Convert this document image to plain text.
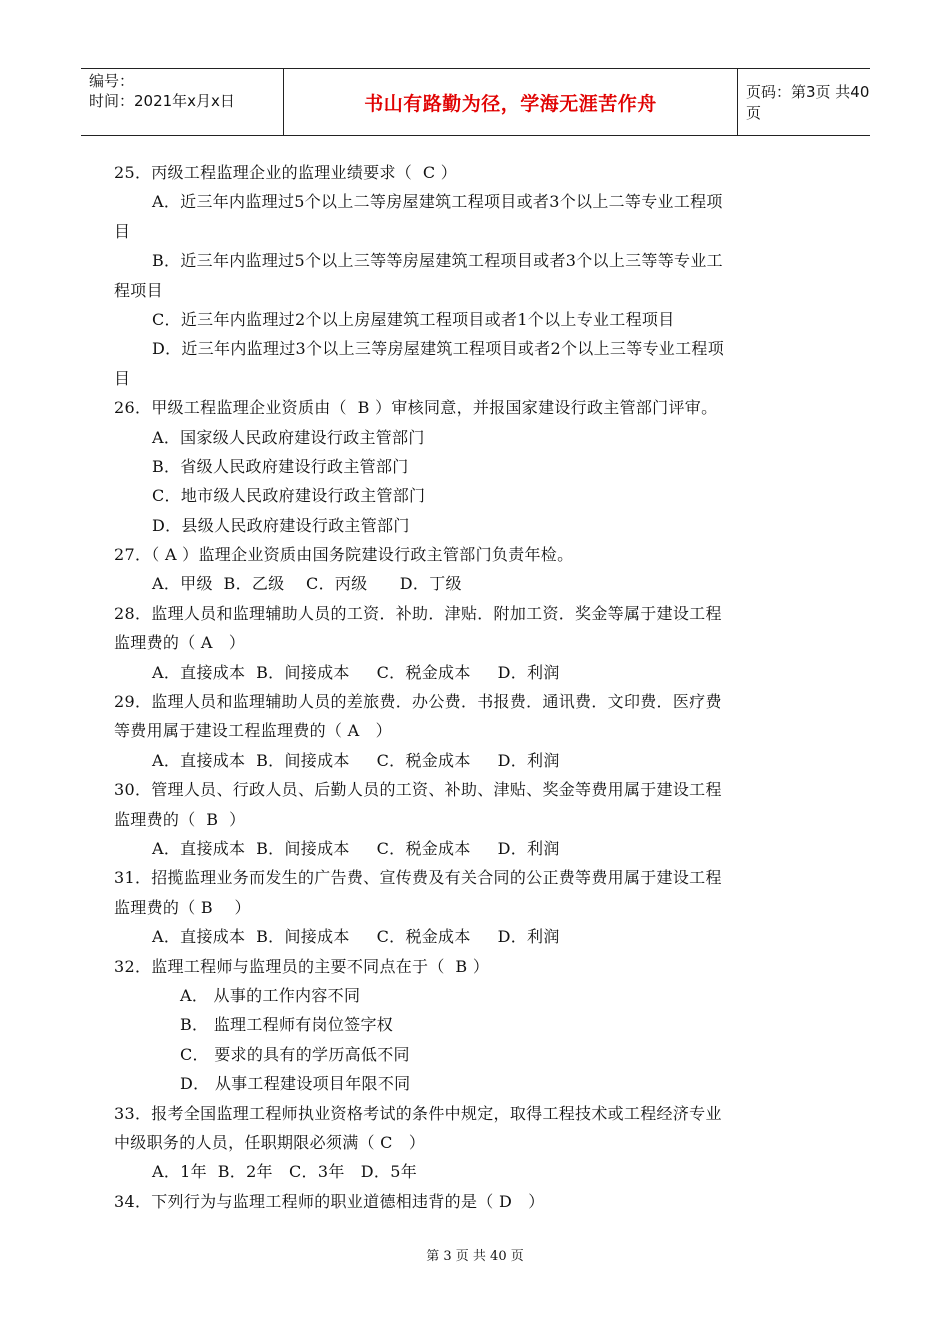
编号：
时间：2021年x月x日	书山有路勤为径，学海无涯苦作舟
页码：第3页 共40页
25．丙级工程监理企业的监理业绩要求（  C ）
A．近三年内监理过5个以上二等房屋建筑工程项目或者3个以上二等专业工程项
目
B．近三年内监理过5个以上三等等房屋建筑工程项目或者3个以上三等等专业工
程项目
C．近三年内监理过2个以上房屋建筑工程项目或者1个以上专业工程项目
D．近三年内监理过3个以上三等房屋建筑工程项目或者2个以上三等专业工程项
目
26．甲级工程监理企业资质由（  B ）审核同意，并报国家建设行政主管部门评审。
A．国家级人民政府建设行政主管部门
B．省级人民政府建设行政主管部门
C．地市级人民政府建设行政主管部门
D．县级人民政府建设行政主管部门
27．（ A ）监理企业资质由国务院建设行政主管部门负责年检。
A．甲级  B．乙级    C．丙级      D．丁级
28．监理人员和监理辅助人员的工资．补助．津贴．附加工资．奖金等属于建设工程
监理费的（ A   ）
A．直接成本  B．间接成本     C．税金成本     D．利润
29．监理人员和监理辅助人员的差旅费．办公费．书报费．通讯费．文印费．医疗费
等费用属于建设工程监理费的（ A   ）
A．直接成本  B．间接成本     C．税金成本     D．利润
30．管理人员、行政人员、后勤人员的工资、补助、津贴、奖金等费用属于建设工程
监理费的（  B  ）
A．直接成本  B．间接成本     C．税金成本     D．利润
31．招揽监理业务而发生的广告费、宣传费及有关合同的公正费等费用属于建设工程
监理费的（ B    ）
A．直接成本  B．间接成本     C．税金成本     D．利润
32．监理工程师与监理员的主要不同点在于（  B ）
A． 从事的工作内容不同
B． 监理工程师有岗位签字权
C． 要求的具有的学历高低不同
D． 从事工程建设项目年限不同
33．报考全国监理工程师执业资格考试的条件中规定，取得工程技术或工程经济专业
中级职务的人员，任职期限必须满（ C   ）
A．1年  B．2年   C．3年   D．5年
34．下列行为与监理工程师的职业道德相违背的是（ D   ）
第 3 页 共 40 页
